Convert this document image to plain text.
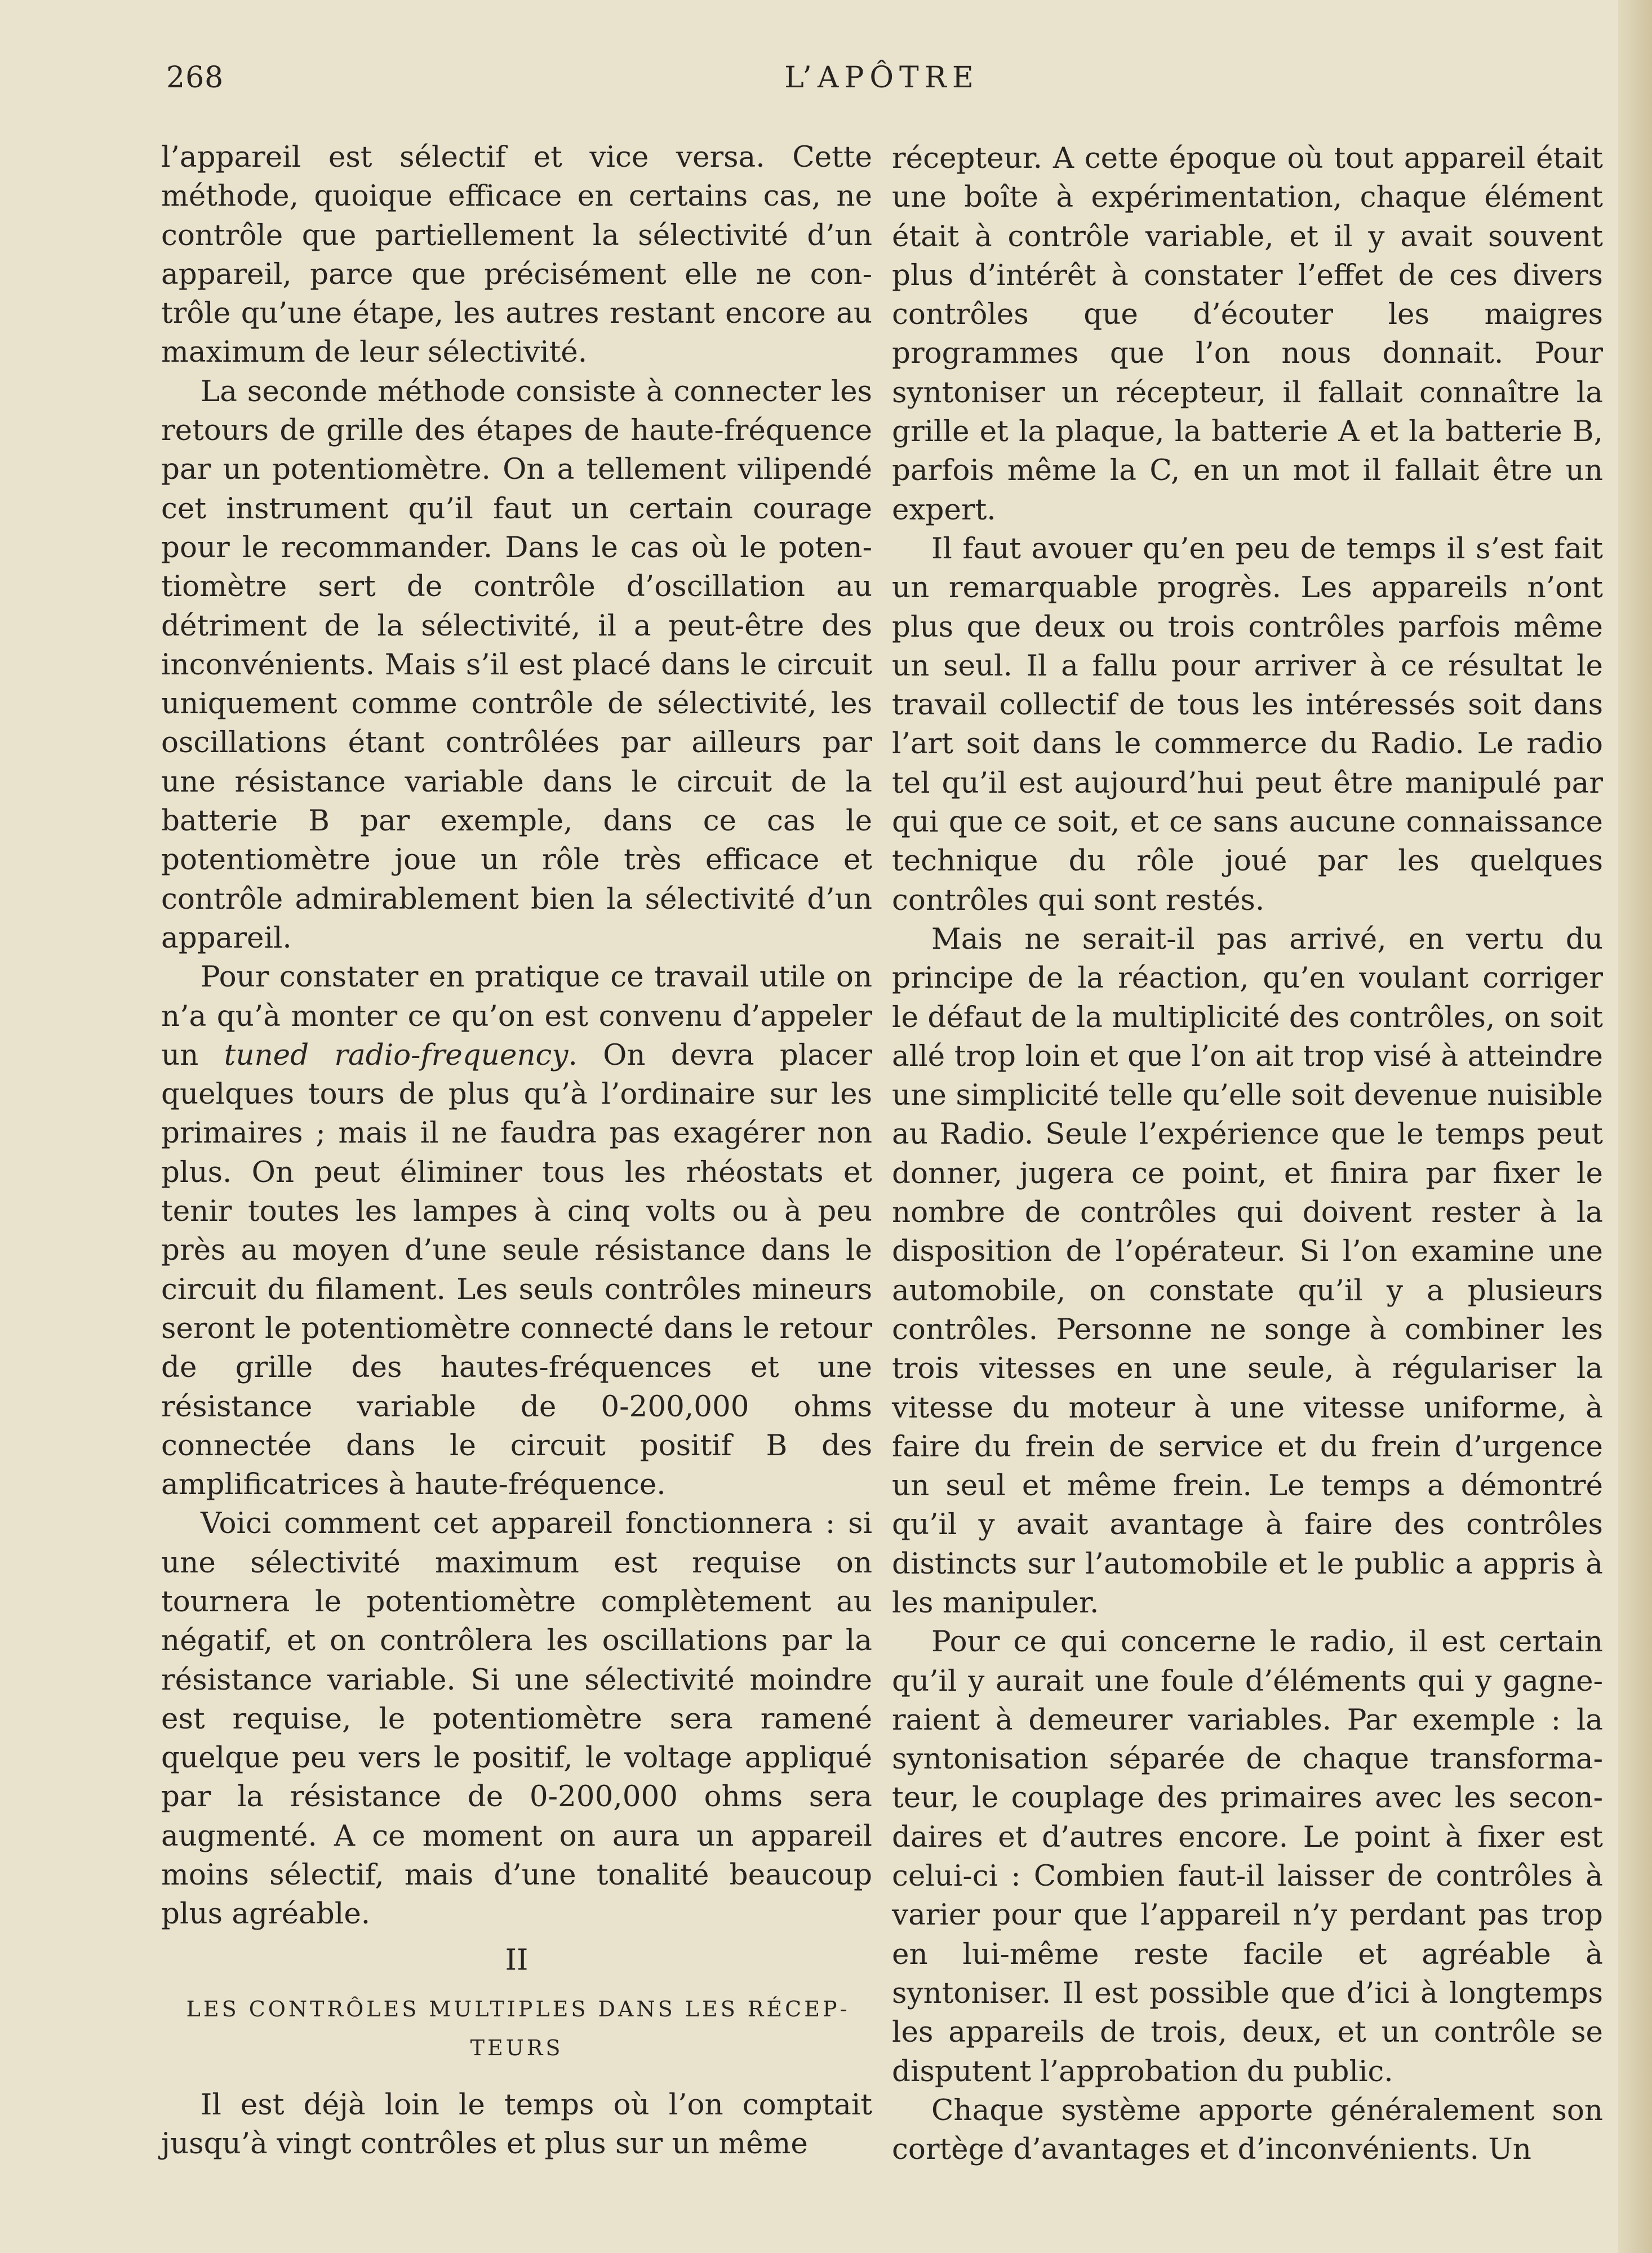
268	L’APÔTRE

l’appareil est sélectif et vice versa. Cette méthode, quoique efficace en certains cas, ne contrôle que partiellement la sélectivité d’un appareil, parce que précisément elle ne contrôle qu’une étape, les autres restant encore au maximum de leur sélectivité.

La seconde méthode consiste à connecter les retours de grille des étapes de haute-fréquence par un potentiomètre. On a tellement vilipendé cet instrument qu’il faut un certain courage pour le recommander. Dans le cas où le potentiomètre sert de contrôle d’oscillation au détriment de la sélectivité, il a peut-être des inconvénients. Mais s’il est placé dans le circuit uniquement comme contrôle de sélectivité, les oscillations étant contrôlées par ailleurs par une résistance variable dans le circuit de la batterie B par exemple, dans ce cas le potentiomètre joue un rôle très efficace et contrôle admirablement bien la sélectivité d’un appareil.

Pour constater en pratique ce travail utile on n’a qu’à monter ce qu’on est convenu d’appeler un tuned radio-frequency. On devra placer quelques tours de plus qu’à l’ordinaire sur les primaires ; mais il ne faudra pas exagérer non plus. On peut éliminer tous les rhéostats et tenir toutes les lampes à cinq volts ou à peu près au moyen d’une seule résistance dans le circuit du filament. Les seuls contrôles mineurs seront le potentiomètre connecté dans le retour de grille des hautes-fréquences et une résistance variable de 0-200,000 ohms connectée dans le circuit positif B des amplificatrices à haute-fréquence.

Voici comment cet appareil fonctionnera : si une sélectivité maximum est requise on tournera le potentiomètre complètement au négatif, et on contrôlera les oscillations par la résistance variable. Si une sélectivité moindre est requise, le potentiomètre sera ramené quelque peu vers le positif, le voltage appliqué par la résistance de 0-200,000 ohms sera augmenté. A ce moment on aura un appareil moins sélectif, mais d’une tonalité beaucoup plus agréable.

II

LES CONTRÔLES MULTIPLES DANS LES RÉCEPTEURS

Il est déjà loin le temps où l’on comptait jusqu’à vingt contrôles et plus sur un même

récepteur. A cette époque où tout appareil était une boîte à expérimentation, chaque élément était à contrôle variable, et il y avait souvent plus d’intérêt à constater l’effet de ces divers contrôles que d’écouter les maigres programmes que l’on nous donnait. Pour syntoniser un récepteur, il fallait connaître la grille et la plaque, la batterie A et la batterie B, parfois même la C, en un mot il fallait être un expert.

Il faut avouer qu’en peu de temps il s’est fait un remarquable progrès. Les appareils n’ont plus que deux ou trois contrôles parfois même un seul. Il a fallu pour arriver à ce résultat le travail collectif de tous les intéressés soit dans l’art soit dans le commerce du Radio. Le radio tel qu’il est aujourd’hui peut être manipulé par qui que ce soit, et ce sans aucune connaissance technique du rôle joué par les quelques contrôles qui sont restés.

Mais ne serait-il pas arrivé, en vertu du principe de la réaction, qu’en voulant corriger le défaut de la multiplicité des contrôles, on soit allé trop loin et que l’on ait trop visé à atteindre une simplicité telle qu’elle soit devenue nuisible au Radio. Seule l’expérience que le temps peut donner, jugera ce point, et finira par fixer le nombre de contrôles qui doivent rester à la disposition de l’opérateur. Si l’on examine une automobile, on constate qu’il y a plusieurs contrôles. Personne ne songe à combiner les trois vitesses en une seule, à régulariser la vitesse du moteur à une vitesse uniforme, à faire du frein de service et du frein d’urgence un seul et même frein. Le temps a démontré qu’il y avait avantage à faire des contrôles distincts sur l’automobile et le public a appris à les manipuler.

Pour ce qui concerne le radio, il est certain qu’il y aurait une foule d’éléments qui y gagneraient à demeurer variables. Par exemple : la syntonisation séparée de chaque transformateur, le couplage des primaires avec les secondaires et d’autres encore. Le point à fixer est celui-ci : Combien faut-il laisser de contrôles à varier pour que l’appareil n’y perdant pas trop en lui-même reste facile et agréable à syntoniser. Il est possible que d’ici à longtemps les appareils de trois, deux, et un contrôle se disputent l’approbation du public.

Chaque système apporte généralement son cortège d’avantages et d’inconvénients. Un
